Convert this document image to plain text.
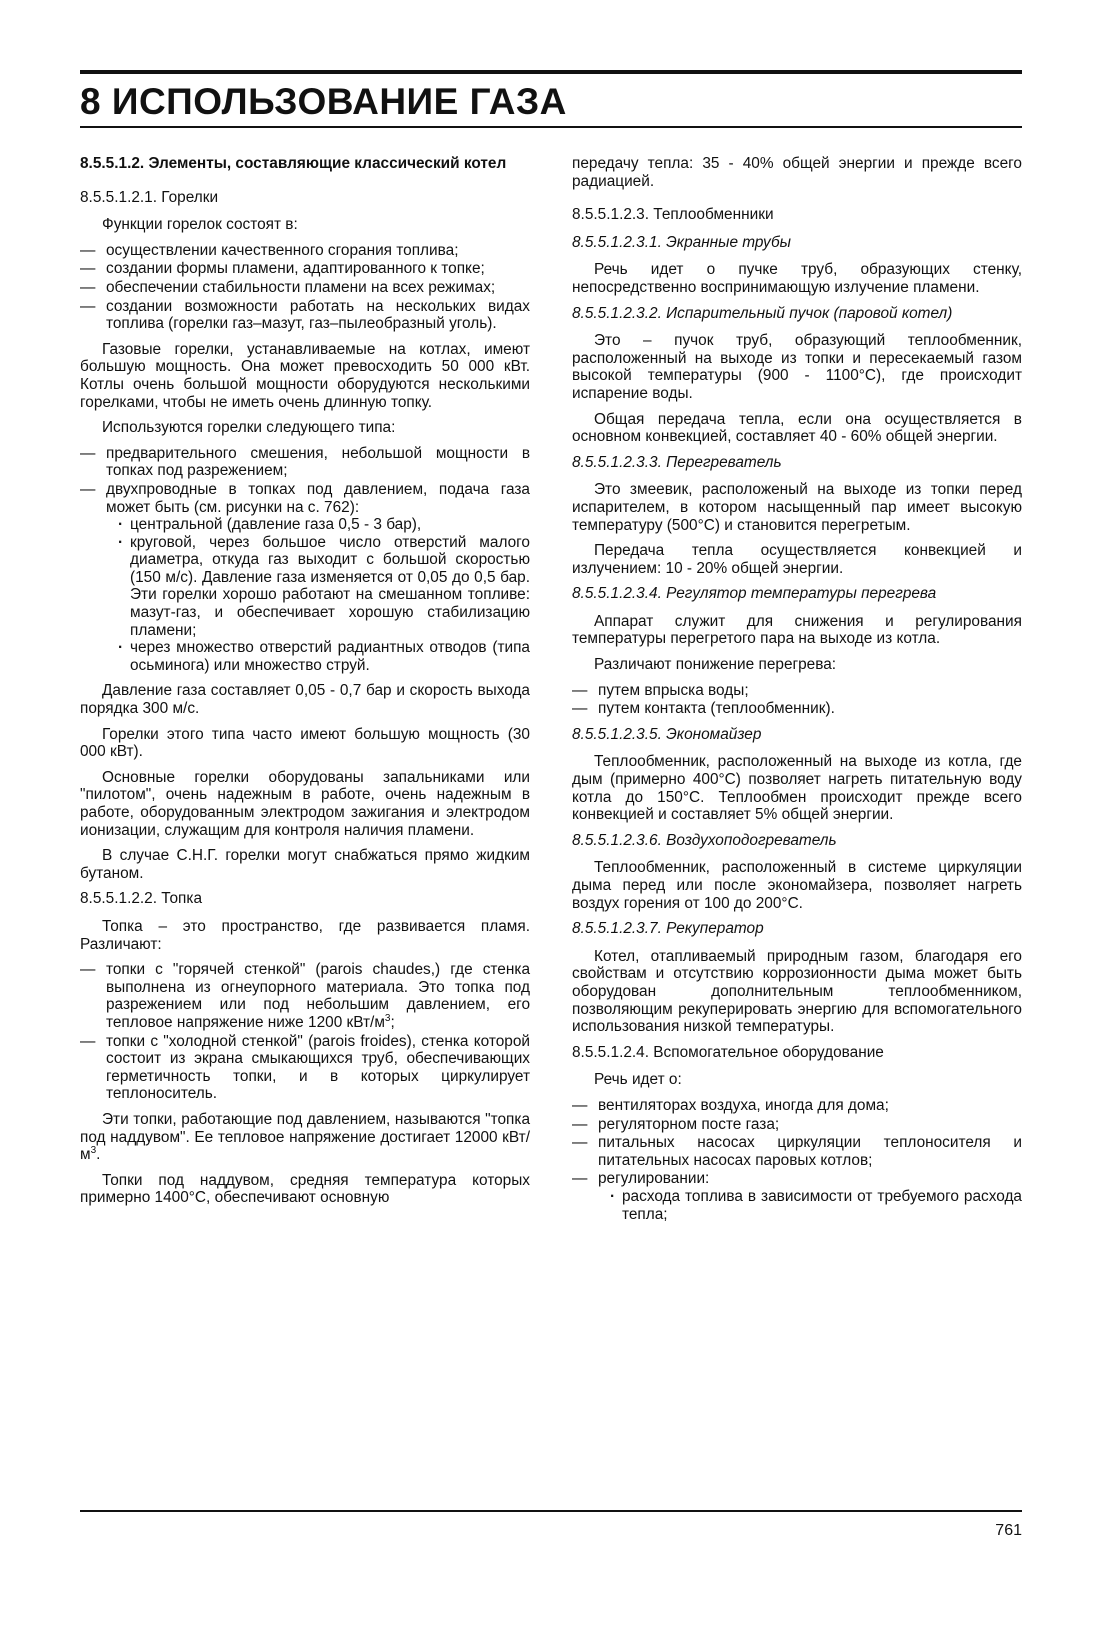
8 ИСПОЛЬЗОВАНИЕ ГАЗА
8.5.5.1.2. Элементы, составляющие классический котел
8.5.5.1.2.1. Горелки

Функции горелок состоят в:

— осуществлении качественного сгорания топлива;
— создании формы пламени, адаптированного к топке;
— обеспечении стабильности пламени на всех режимах;
— создании возможности работать на нескольких видах топлива (горелки газ–мазут, газ–пылеобразный уголь).

Газовые горелки, устанавливаемые на котлах, имеют большую мощность. Она может превосходить 50 000 кВт. Котлы очень большой мощности оборудуются несколькими горелками, чтобы не иметь очень длинную топку.

Используются горелки следующего типа:

— предварительного смешения, небольшой мощности в топках под разрежением;
— двухпроводные в топках под давлением, подача газа может быть (см. рисунки на с. 762):
· центральной (давление газа 0,5 - 3 бар),
· круговой, через большое число отверстий малого диаметра, откуда газ выходит с большой скоростью (150 м/с). Давление газа изменяется от 0,05 до 0,5 бар. Эти горелки хорошо работают на смешанном топливе: мазут-газ, и обеспечивает хорошую стабилизацию пламени;
· через множество отверстий радиантных отводов (типа осьминога) или множество струй.

Давление газа составляет 0,05 - 0,7 бар и скорость выхода порядка 300 м/с.

Горелки этого типа часто имеют большую мощность (30 000 кВт).

Основные горелки оборудованы запальниками или "пилотом", очень надежным в работе, очень надежным в работе, оборудованным электродом зажигания и электродом ионизации, служащим для контроля наличия пламени.

В случае С.Н.Г. горелки могут снабжаться прямо жидким бутаном.

8.5.5.1.2.2. Топка

Топка – это пространство, где развивается пламя. Различают:

— топки с "горячей стенкой" (parois chaudes,) где стенка выполнена из огнеупорного материала. Это топка под разрежением или под небольшим давлением, его тепловое напряжение ниже 1200 кВт/$м^3$;
— топки с "холодной стенкой" (parois froides), стенка которой состоит из экрана смыкающихся труб, обеспечивающих герметичность топки, и в которых циркулирует теплоноситель.

Эти топки, работающие под давлением, называются "топка под наддувом". Ее тепловое напряжение достигает 12000 кВт/$м^3$.

Топки под наддувом, средняя температура которых примерно 1400°С, обеспечивают основную

передачу тепла: 35 - 40% общей энергии и прежде всего радиацией.

8.5.5.1.2.3. Теплообменники
8.5.5.1.2.3.1. Экранные трубы

Речь идет о пучке труб, образующих стенку, непосредственно воспринимающую излучение пламени.

8.5.5.1.2.3.2. Испарительный пучок (паровой котел)

Это – пучок труб, образующий теплообменник, расположенный на выходе из топки и пересекаемый газом высокой температуры (900 - 1100°С), где происходит испарение воды.

Общая передача тепла, если она осуществляется в основном конвекцией, составляет 40 - 60% общей энергии.

8.5.5.1.2.3.3. Перегреватель

Это змеевик, расположеный на выходе из топки перед испарителем, в котором насыщенный пар имеет высокую температуру (500°С) и становится перегретым.

Передача тепла осуществляется конвекцией и излучением: 10 - 20% общей энергии.

8.5.5.1.2.3.4. Регулятор температуры перегрева

Аппарат служит для снижения и регулирования температуры перегретого пара на выходе из котла.

Различают понижение перегрева:

— путем впрыска воды;
— путем контакта (теплообменник).
8.5.5.1.2.3.5. Экономайзер

Теплообменник, расположенный на выходе из котла, где дым (примерно 400°С) позволяет нагреть питательную воду котла до 150°С. Теплообмен происходит прежде всего конвекцией и составляет 5% общей энергии.

8.5.5.1.2.3.6. Воздухоподогреватель

Теплообменник, расположенный в системе циркуляции дыма перед или после экономайзера, позволяет нагреть воздух горения от 100 до 200°С.

8.5.5.1.2.3.7. Рекуператор

Котел, отапливаемый природным газом, благодаря его свойствам и отсутствию коррозионности дыма может быть оборудован дополнительным теплообменником, позволяющим рекуперировать энергию для вспомогательного использования низкой температуры.

8.5.5.1.2.4. Вспомогательное оборудование

Речь идет о:

— вентиляторах воздуха, иногда для дома;
— регуляторном посте газа;
— питальных насосах циркуляции теплоносителя и питательных насосах паровых котлов;
— регулировании:
· расхода топлива в зависимости от требуемого расхода тепла;
761
